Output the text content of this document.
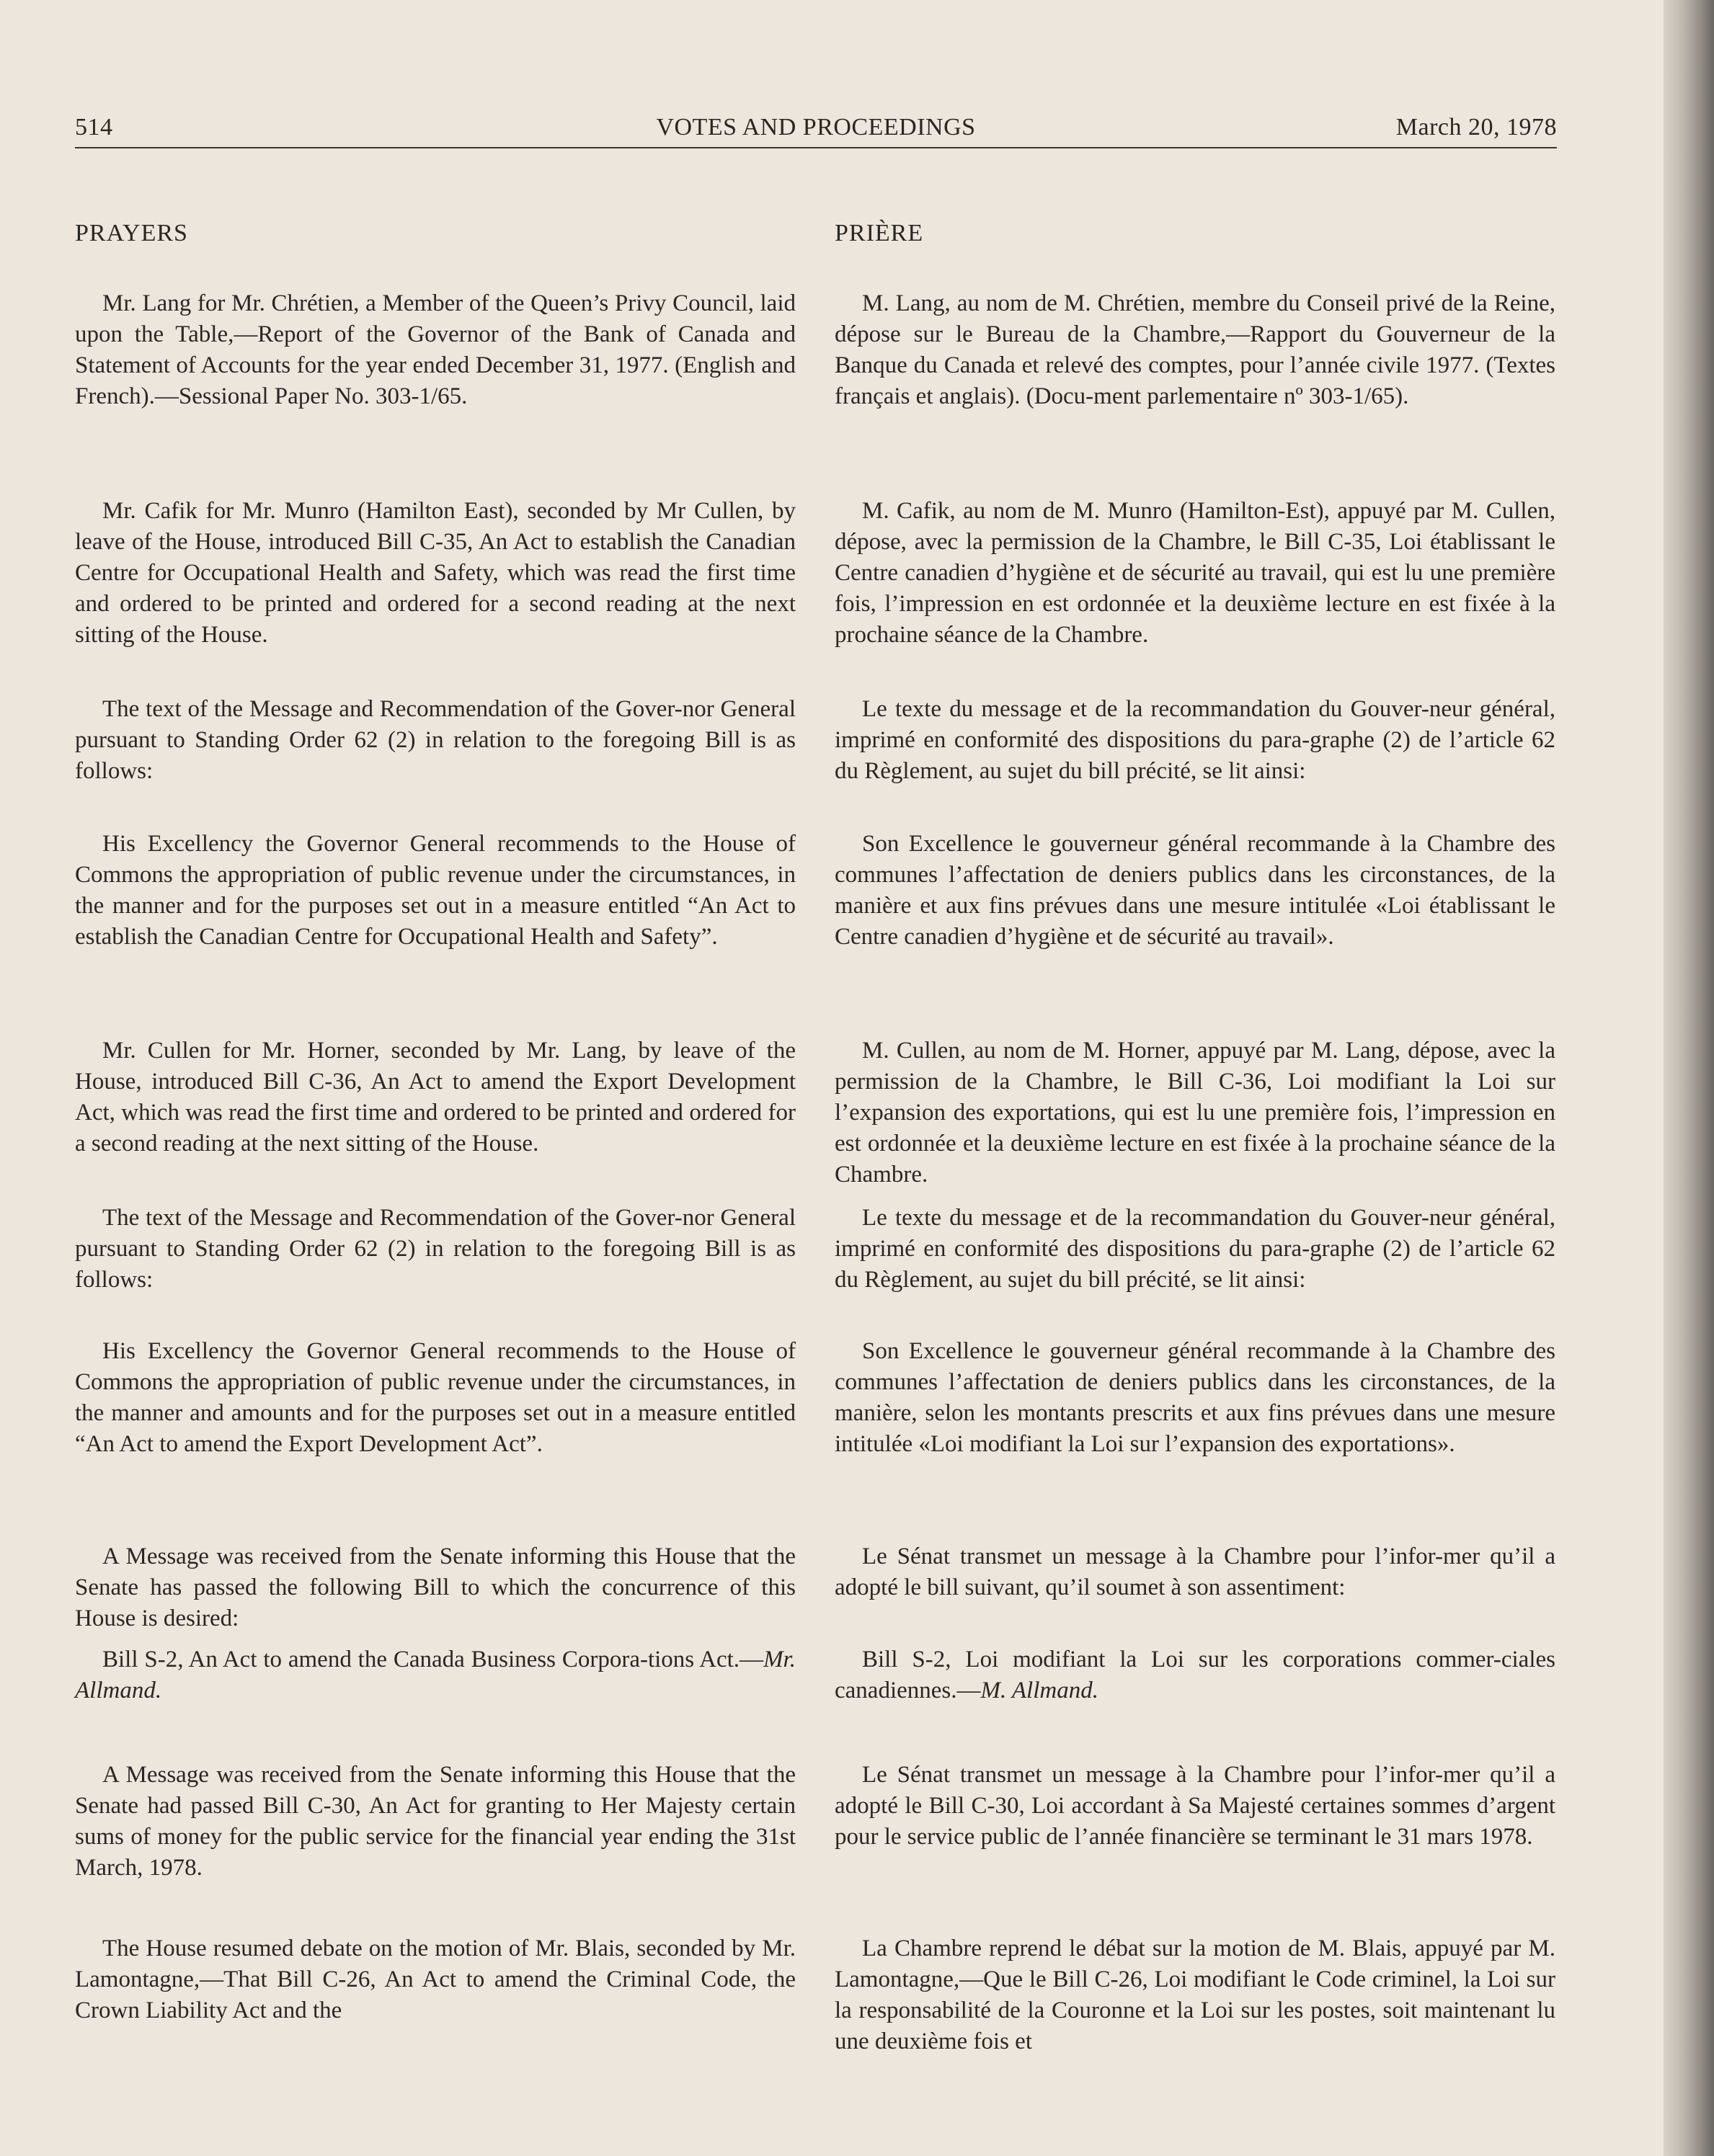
514	VOTES AND PROCEEDINGS	March 20, 1978
PRAYERS

Mr. Lang for Mr. Chrétien, a Member of the Queen’s Privy Council, laid upon the Table,—Report of the Governor of the Bank of Canada and Statement of Accounts for the year ended December 31, 1977. (English and French).—Sessional Paper No. 303-1/65.

Mr. Cafik for Mr. Munro (Hamilton East), seconded by Mr Cullen, by leave of the House, introduced Bill C-35, An Act to establish the Canadian Centre for Occupational Health and Safety, which was read the first time and ordered to be printed and ordered for a second reading at the next sitting of the House.

The text of the Message and Recommendation of the Gover-nor General pursuant to Standing Order 62 (2) in relation to the foregoing Bill is as follows:

His Excellency the Governor General recommends to the House of Commons the appropriation of public revenue under the circumstances, in the manner and for the purposes set out in a measure entitled “An Act to establish the Canadian Centre for Occupational Health and Safety”.

Mr. Cullen for Mr. Horner, seconded by Mr. Lang, by leave of the House, introduced Bill C-36, An Act to amend the Export Development Act, which was read the first time and ordered to be printed and ordered for a second reading at the next sitting of the House.

The text of the Message and Recommendation of the Gover-nor General pursuant to Standing Order 62 (2) in relation to the foregoing Bill is as follows:

His Excellency the Governor General recommends to the House of Commons the appropriation of public revenue under the circumstances, in the manner and amounts and for the purposes set out in a measure entitled “An Act to amend the Export Development Act”.

A Message was received from the Senate informing this House that the Senate has passed the following Bill to which the concurrence of this House is desired:

Bill S-2, An Act to amend the Canada Business Corpora-tions Act.—Mr. Allmand.

A Message was received from the Senate informing this House that the Senate had passed Bill C-30, An Act for granting to Her Majesty certain sums of money for the public service for the financial year ending the 31st March, 1978.

The House resumed debate on the motion of Mr. Blais, seconded by Mr. Lamontagne,—That Bill C-26, An Act to amend the Criminal Code, the Crown Liability Act and the

PRIÈRE

M. Lang, au nom de M. Chrétien, membre du Conseil privé de la Reine, dépose sur le Bureau de la Chambre,—Rapport du Gouverneur de la Banque du Canada et relevé des comptes, pour l’année civile 1977. (Textes français et anglais). (Docu-ment parlementaire nº 303-1/65).

M. Cafik, au nom de M. Munro (Hamilton-Est), appuyé par M. Cullen, dépose, avec la permission de la Chambre, le Bill C-35, Loi établissant le Centre canadien d’hygiène et de sécurité au travail, qui est lu une première fois, l’impression en est ordonnée et la deuxième lecture en est fixée à la prochaine séance de la Chambre.

Le texte du message et de la recommandation du Gouver-neur général, imprimé en conformité des dispositions du para-graphe (2) de l’article 62 du Règlement, au sujet du bill précité, se lit ainsi:

Son Excellence le gouverneur général recommande à la Chambre des communes l’affectation de deniers publics dans les circonstances, de la manière et aux fins prévues dans une mesure intitulée «Loi établissant le Centre canadien d’hygiène et de sécurité au travail».

M. Cullen, au nom de M. Horner, appuyé par M. Lang, dépose, avec la permission de la Chambre, le Bill C-36, Loi modifiant la Loi sur l’expansion des exportations, qui est lu une première fois, l’impression en est ordonnée et la deuxième lecture en est fixée à la prochaine séance de la Chambre.

Le texte du message et de la recommandation du Gouver-neur général, imprimé en conformité des dispositions du para-graphe (2) de l’article 62 du Règlement, au sujet du bill précité, se lit ainsi:

Son Excellence le gouverneur général recommande à la Chambre des communes l’affectation de deniers publics dans les circonstances, de la manière, selon les montants prescrits et aux fins prévues dans une mesure intitulée «Loi modifiant la Loi sur l’expansion des exportations».

Le Sénat transmet un message à la Chambre pour l’infor-mer qu’il a adopté le bill suivant, qu’il soumet à son assentiment:

Bill S-2, Loi modifiant la Loi sur les corporations commer-ciales canadiennes.—M. Allmand.

Le Sénat transmet un message à la Chambre pour l’infor-mer qu’il a adopté le Bill C-30, Loi accordant à Sa Majesté certaines sommes d’argent pour le service public de l’année financière se terminant le 31 mars 1978.

La Chambre reprend le débat sur la motion de M. Blais, appuyé par M. Lamontagne,—Que le Bill C-26, Loi modifiant le Code criminel, la Loi sur la responsabilité de la Couronne et la Loi sur les postes, soit maintenant lu une deuxième fois et
